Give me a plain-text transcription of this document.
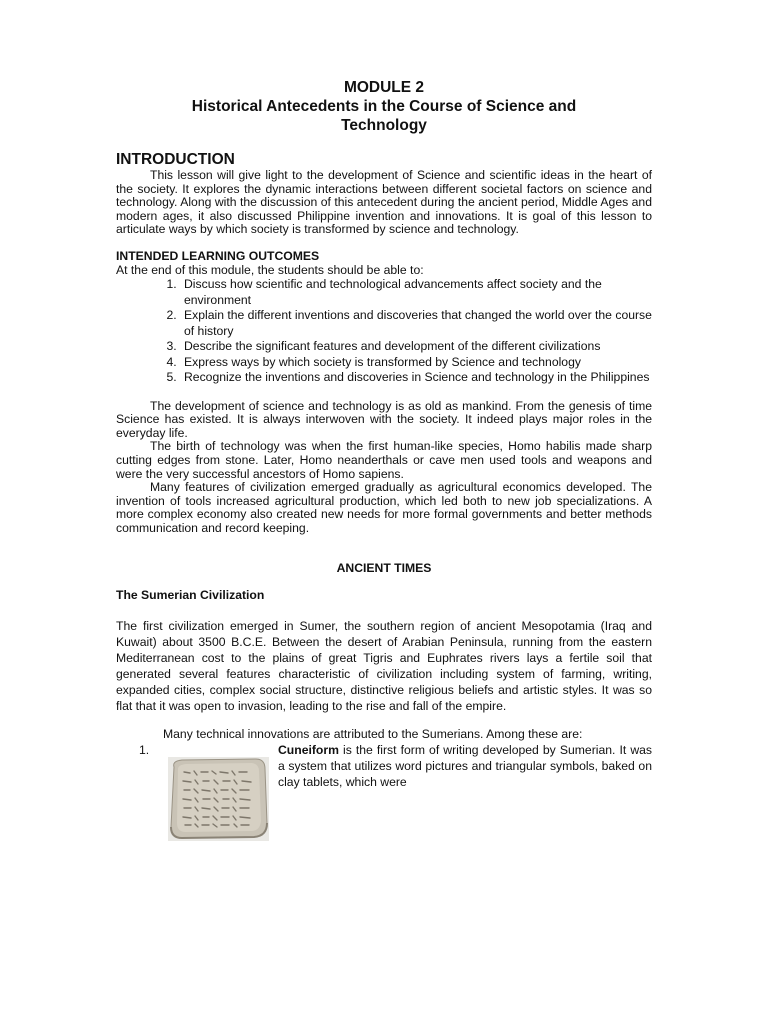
MODULE 2
Historical Antecedents in the Course of Science and
Technology
INTRODUCTION
This lesson will give light to the development of Science and scientific ideas in the heart of the society. It explores the dynamic interactions between different societal factors on science and technology. Along with the discussion of this antecedent during the ancient period, Middle Ages and modern ages, it also discussed Philippine invention and innovations. It is goal of this lesson to articulate ways by which society is transformed by science and technology.
INTENDED LEARNING OUTCOMES
At the end of this module, the students should be able to:
1. Discuss how scientific and technological advancements affect society and the environment
2. Explain the different inventions and discoveries that changed the world over the course of history
3. Describe the significant features and development of the different civilizations
4. Express ways by which society is transformed by Science and technology
5. Recognize the inventions and discoveries in Science and technology in the Philippines
The development of science and technology is as old as mankind. From the genesis of time Science has existed. It is always interwoven with the society. It indeed plays major roles in the everyday life.
The birth of technology was when the first human-like species, Homo habilis made sharp cutting edges from stone. Later, Homo neanderthals or cave men used tools and weapons and were the very successful ancestors of Homo sapiens.
Many features of civilization emerged gradually as agricultural economics developed. The invention of tools increased agricultural production, which led both to new job specializations. A more complex economy also created new needs for more formal governments and better methods communication and record keeping.
ANCIENT TIMES
The Sumerian Civilization
The first civilization emerged in Sumer, the southern region of ancient Mesopotamia (Iraq and Kuwait) about 3500 B.C.E. Between the desert of Arabian Peninsula, running from the eastern Mediterranean cost to the plains of great Tigris and Euphrates rivers lays a fertile soil that generated several features characteristic of civilization including system of farming, writing, expanded cities, complex social structure, distinctive religious beliefs and artistic styles. It was so flat that it was open to invasion, leading to the rise and fall of the empire.
Many technical innovations are attributed to the Sumerians. Among these are:
1.	Cuneiform is the first form of writing developed by Sumerian. It was a system that utilizes word pictures and triangular symbols, baked on clay tablets, which were
